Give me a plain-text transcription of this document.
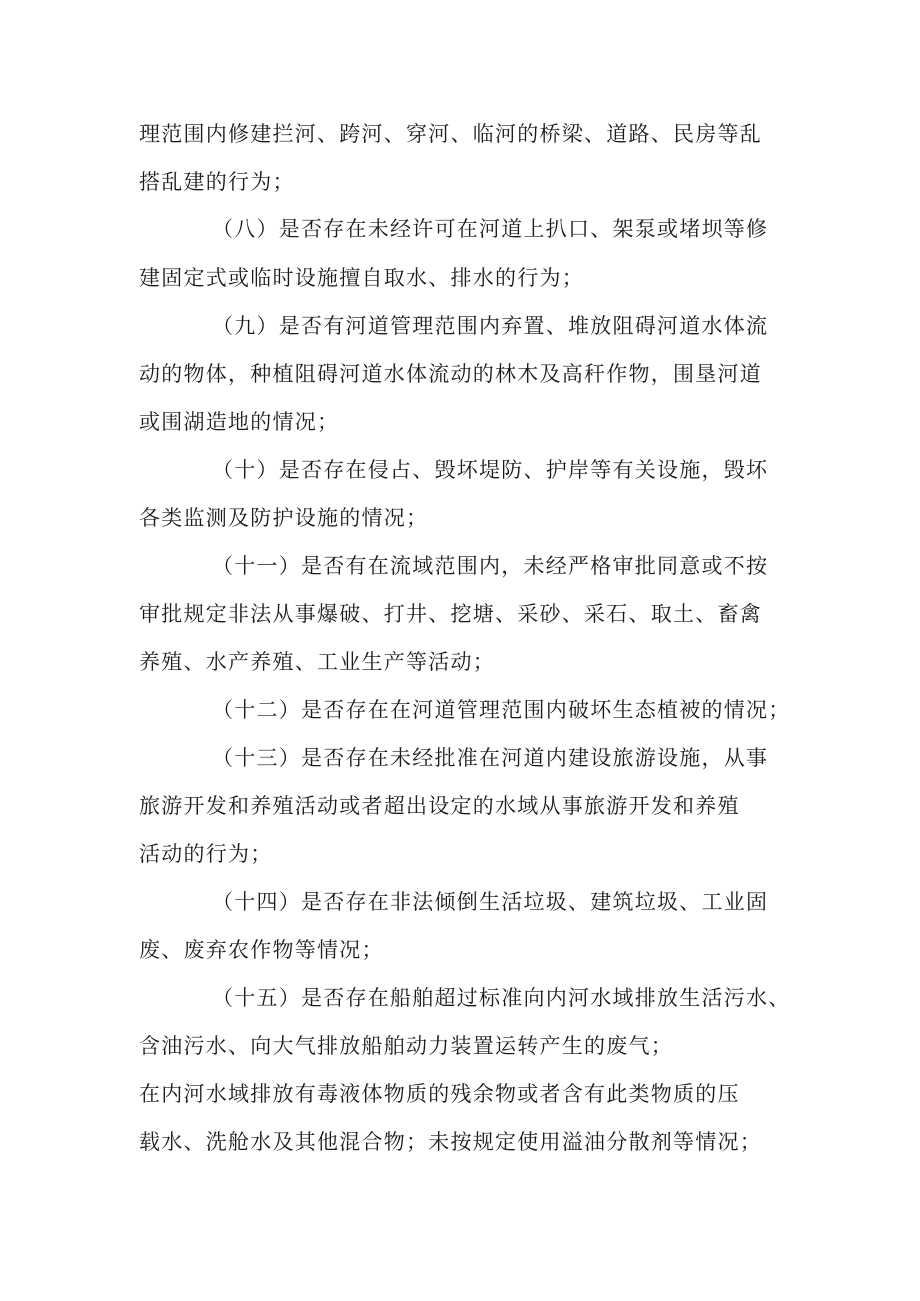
理范围内修建拦河、跨河、穿河、临河的桥梁、道路、民房等乱
搭乱建的行为；
（八）是否存在未经许可在河道上扒口、架泵或堵坝等修
建固定式或临时设施擅自取水、排水的行为；
（九）是否有河道管理范围内弃置、堆放阻碍河道水体流
动的物体，种植阻碍河道水体流动的林木及高秆作物，围垦河道
或围湖造地的情况；
（十）是否存在侵占、毁坏堤防、护岸等有关设施，毁坏
各类监测及防护设施的情况；
（十一）是否有在流域范围内，未经严格审批同意或不按
审批规定非法从事爆破、打井、挖塘、采砂、采石、取土、畜禽
养殖、水产养殖、工业生产等活动；
（十二）是否存在在河道管理范围内破坏生态植被的情况；
（十三）是否存在未经批准在河道内建设旅游设施，从事
旅游开发和养殖活动或者超出设定的水域从事旅游开发和养殖
活动的行为；
（十四）是否存在非法倾倒生活垃圾、建筑垃圾、工业固
废、废弃农作物等情况；
（十五）是否存在船舶超过标准向内河水域排放生活污水、
含油污水、向大气排放船舶动力装置运转产生的废气；
在内河水域排放有毒液体物质的残余物或者含有此类物质的压
载水、洗舱水及其他混合物；未按规定使用溢油分散剂等情况；
